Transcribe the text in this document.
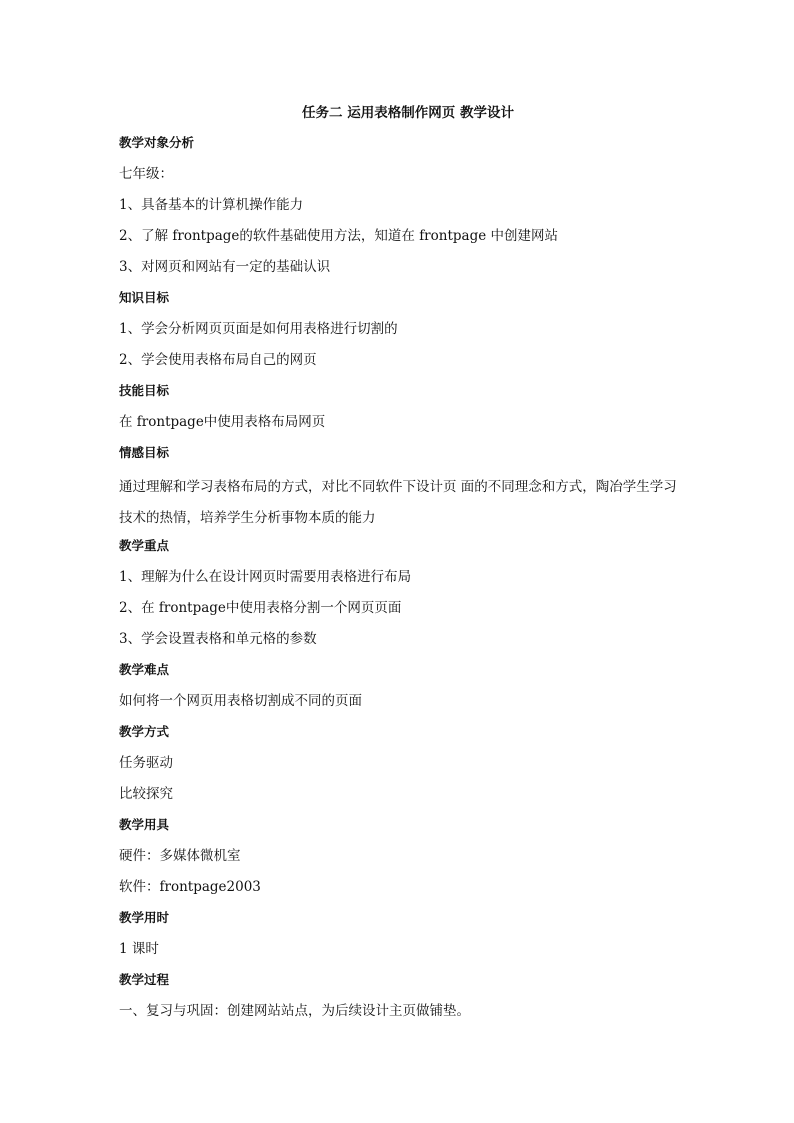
任务二 运用表格制作网页 教学设计
教学对象分析
七年级：
1、具备基本的计算机操作能力
2、了解 frontpage的软件基础使用方法，知道在 frontpage 中创建网站
3、对网页和网站有一定的基础认识
知识目标
1、学会分析网页页面是如何用表格进行切割的
2、学会使用表格布局自己的网页
技能目标
在 frontpage中使用表格布局网页
情感目标
通过理解和学习表格布局的方式，对比不同软件下设计页 面的不同理念和方式，陶冶学生学习技术的热情，培养学生分析事物本质的能力
教学重点
1、理解为什么在设计网页时需要用表格进行布局
2、在 frontpage中使用表格分割一个网页页面
3、学会设置表格和单元格的参数
教学难点
如何将一个网页用表格切割成不同的页面
教学方式
任务驱动
比较探究
教学用具
硬件：多媒体微机室
软件：frontpage2003
教学用时
1 课时
教学过程
一、复习与巩固：创建网站站点，为后续设计主页做铺垫。
